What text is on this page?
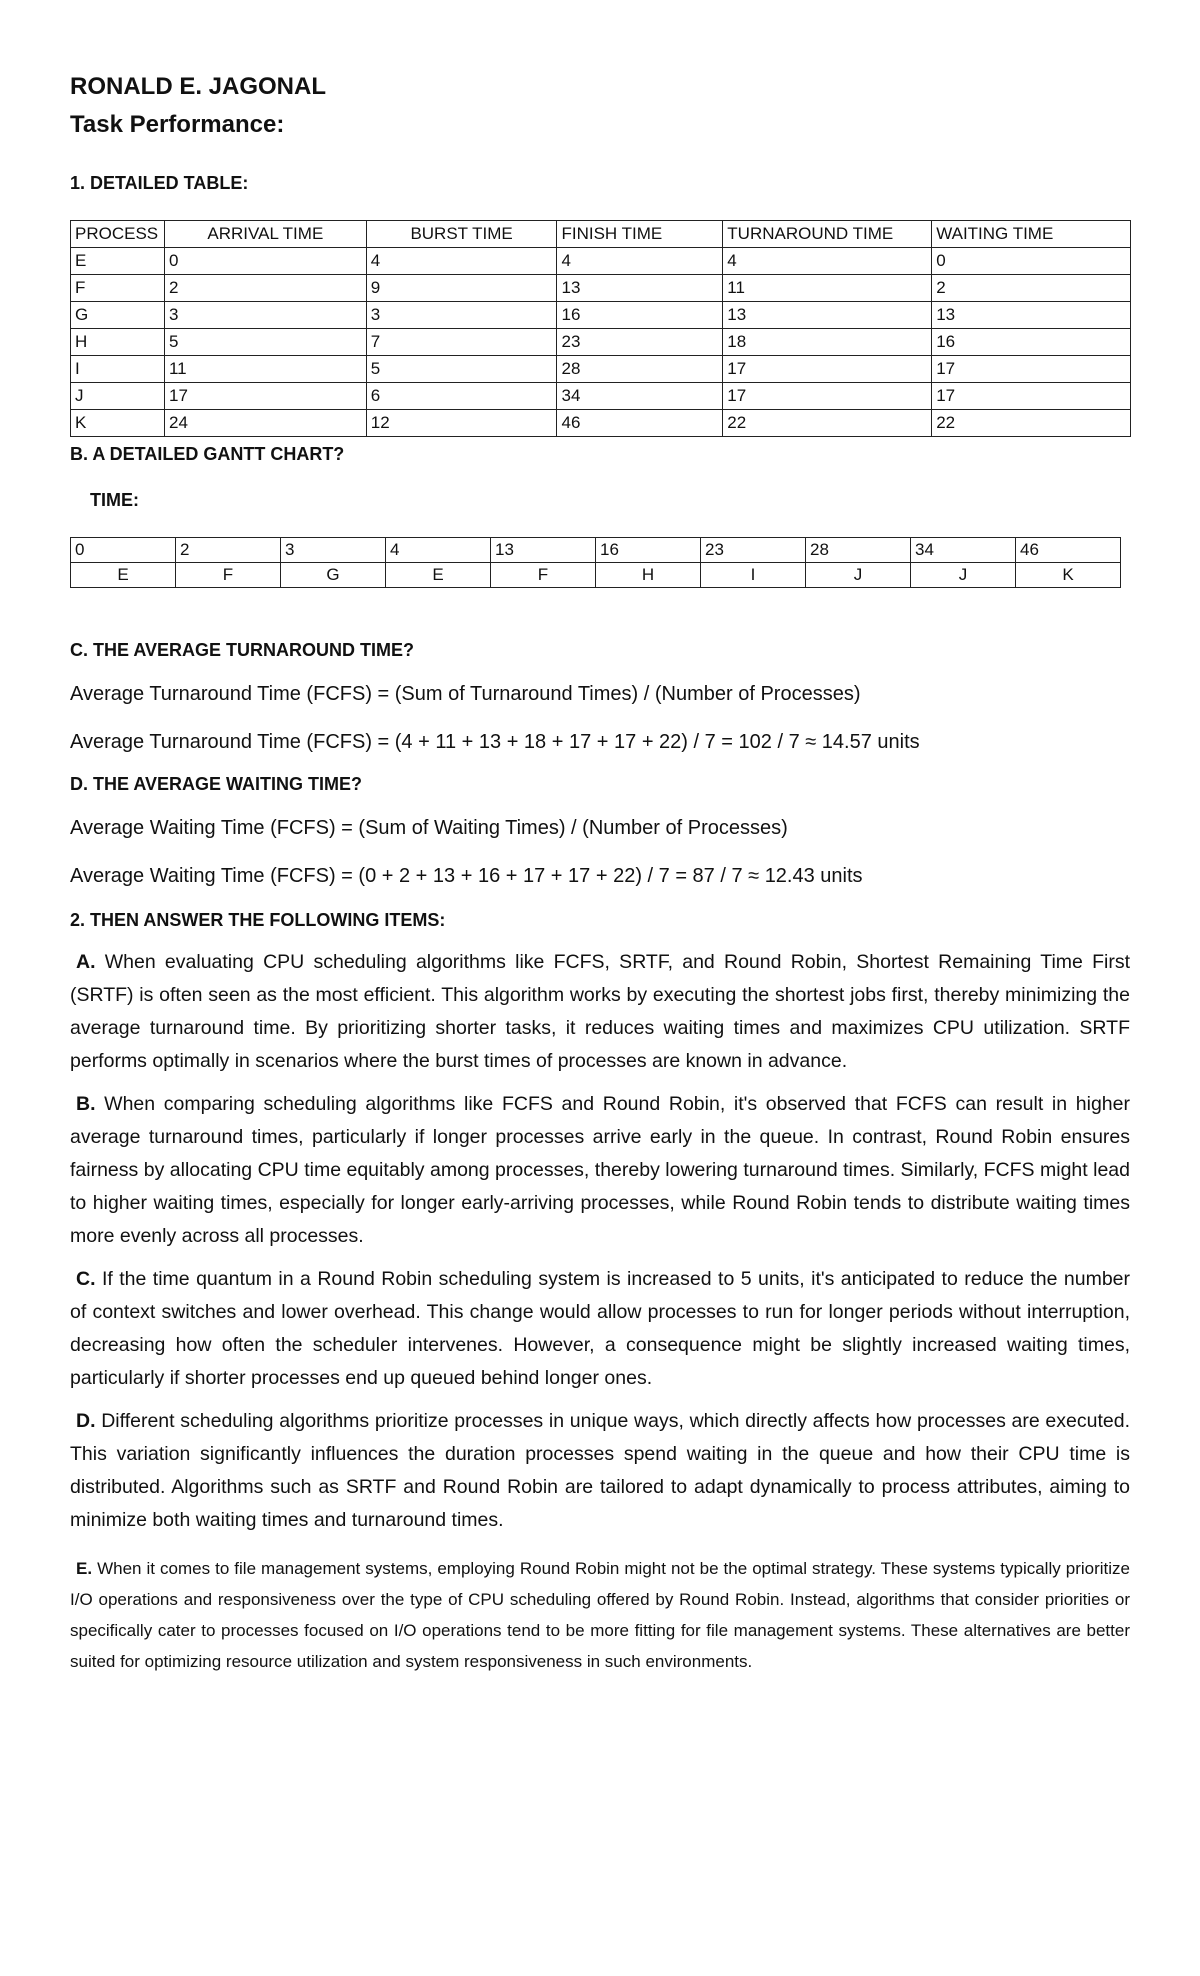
RONALD E. JAGONAL

Task Performance:

1. DETAILED TABLE:

PROCESS	ARRIVAL TIME	BURST TIME	FINISH TIME	TURNAROUND TIME	WAITING TIME
E	0	4	4	4	0
F	2	9	13	11	2
G	3	3	16	13	13
H	5	7	23	18	16
I	11	5	28	17	17
J	17	6	34	17	17
K	24	12	46	22	22

B. A DETAILED GANTT CHART?

TIME:

0	2	3	4	13	16	23	28	34	46
E	F	G	E	F	H	I	J	J	K

C. THE AVERAGE TURNAROUND TIME?

Average Turnaround Time (FCFS) = (Sum of Turnaround Times) / (Number of Processes)

Average Turnaround Time (FCFS) = (4 + 11 + 13 + 18 + 17 + 17 + 22) / 7 = 102 / 7 ≈ 14.57 units

D. THE AVERAGE WAITING TIME?

Average Waiting Time (FCFS) = (Sum of Waiting Times) / (Number of Processes)

Average Waiting Time (FCFS) = (0 + 2 + 13 + 16 + 17 + 17 + 22) / 7 = 87 / 7 ≈ 12.43 units

2. THEN ANSWER THE FOLLOWING ITEMS:

A. When evaluating CPU scheduling algorithms like FCFS, SRTF, and Round Robin, Shortest Remaining Time First (SRTF) is often seen as the most efficient. This algorithm works by executing the shortest jobs first, thereby minimizing the average turnaround time. By prioritizing shorter tasks, it reduces waiting times and maximizes CPU utilization. SRTF performs optimally in scenarios where the burst times of processes are known in advance.

B. When comparing scheduling algorithms like FCFS and Round Robin, it's observed that FCFS can result in higher average turnaround times, particularly if longer processes arrive early in the queue. In contrast, Round Robin ensures fairness by allocating CPU time equitably among processes, thereby lowering turnaround times. Similarly, FCFS might lead to higher waiting times, especially for longer early-arriving processes, while Round Robin tends to distribute waiting times more evenly across all processes.

C. If the time quantum in a Round Robin scheduling system is increased to 5 units, it's anticipated to reduce the number of context switches and lower overhead. This change would allow processes to run for longer periods without interruption, decreasing how often the scheduler intervenes. However, a consequence might be slightly increased waiting times, particularly if shorter processes end up queued behind longer ones.

D. Different scheduling algorithms prioritize processes in unique ways, which directly affects how processes are executed. This variation significantly influences the duration processes spend waiting in the queue and how their CPU time is distributed. Algorithms such as SRTF and Round Robin are tailored to adapt dynamically to process attributes, aiming to minimize both waiting times and turnaround times.

E. When it comes to file management systems, employing Round Robin might not be the optimal strategy. These systems typically prioritize I/O operations and responsiveness over the type of CPU scheduling offered by Round Robin. Instead, algorithms that consider priorities or specifically cater to processes focused on I/O operations tend to be more fitting for file management systems. These alternatives are better suited for optimizing resource utilization and system responsiveness in such environments.
